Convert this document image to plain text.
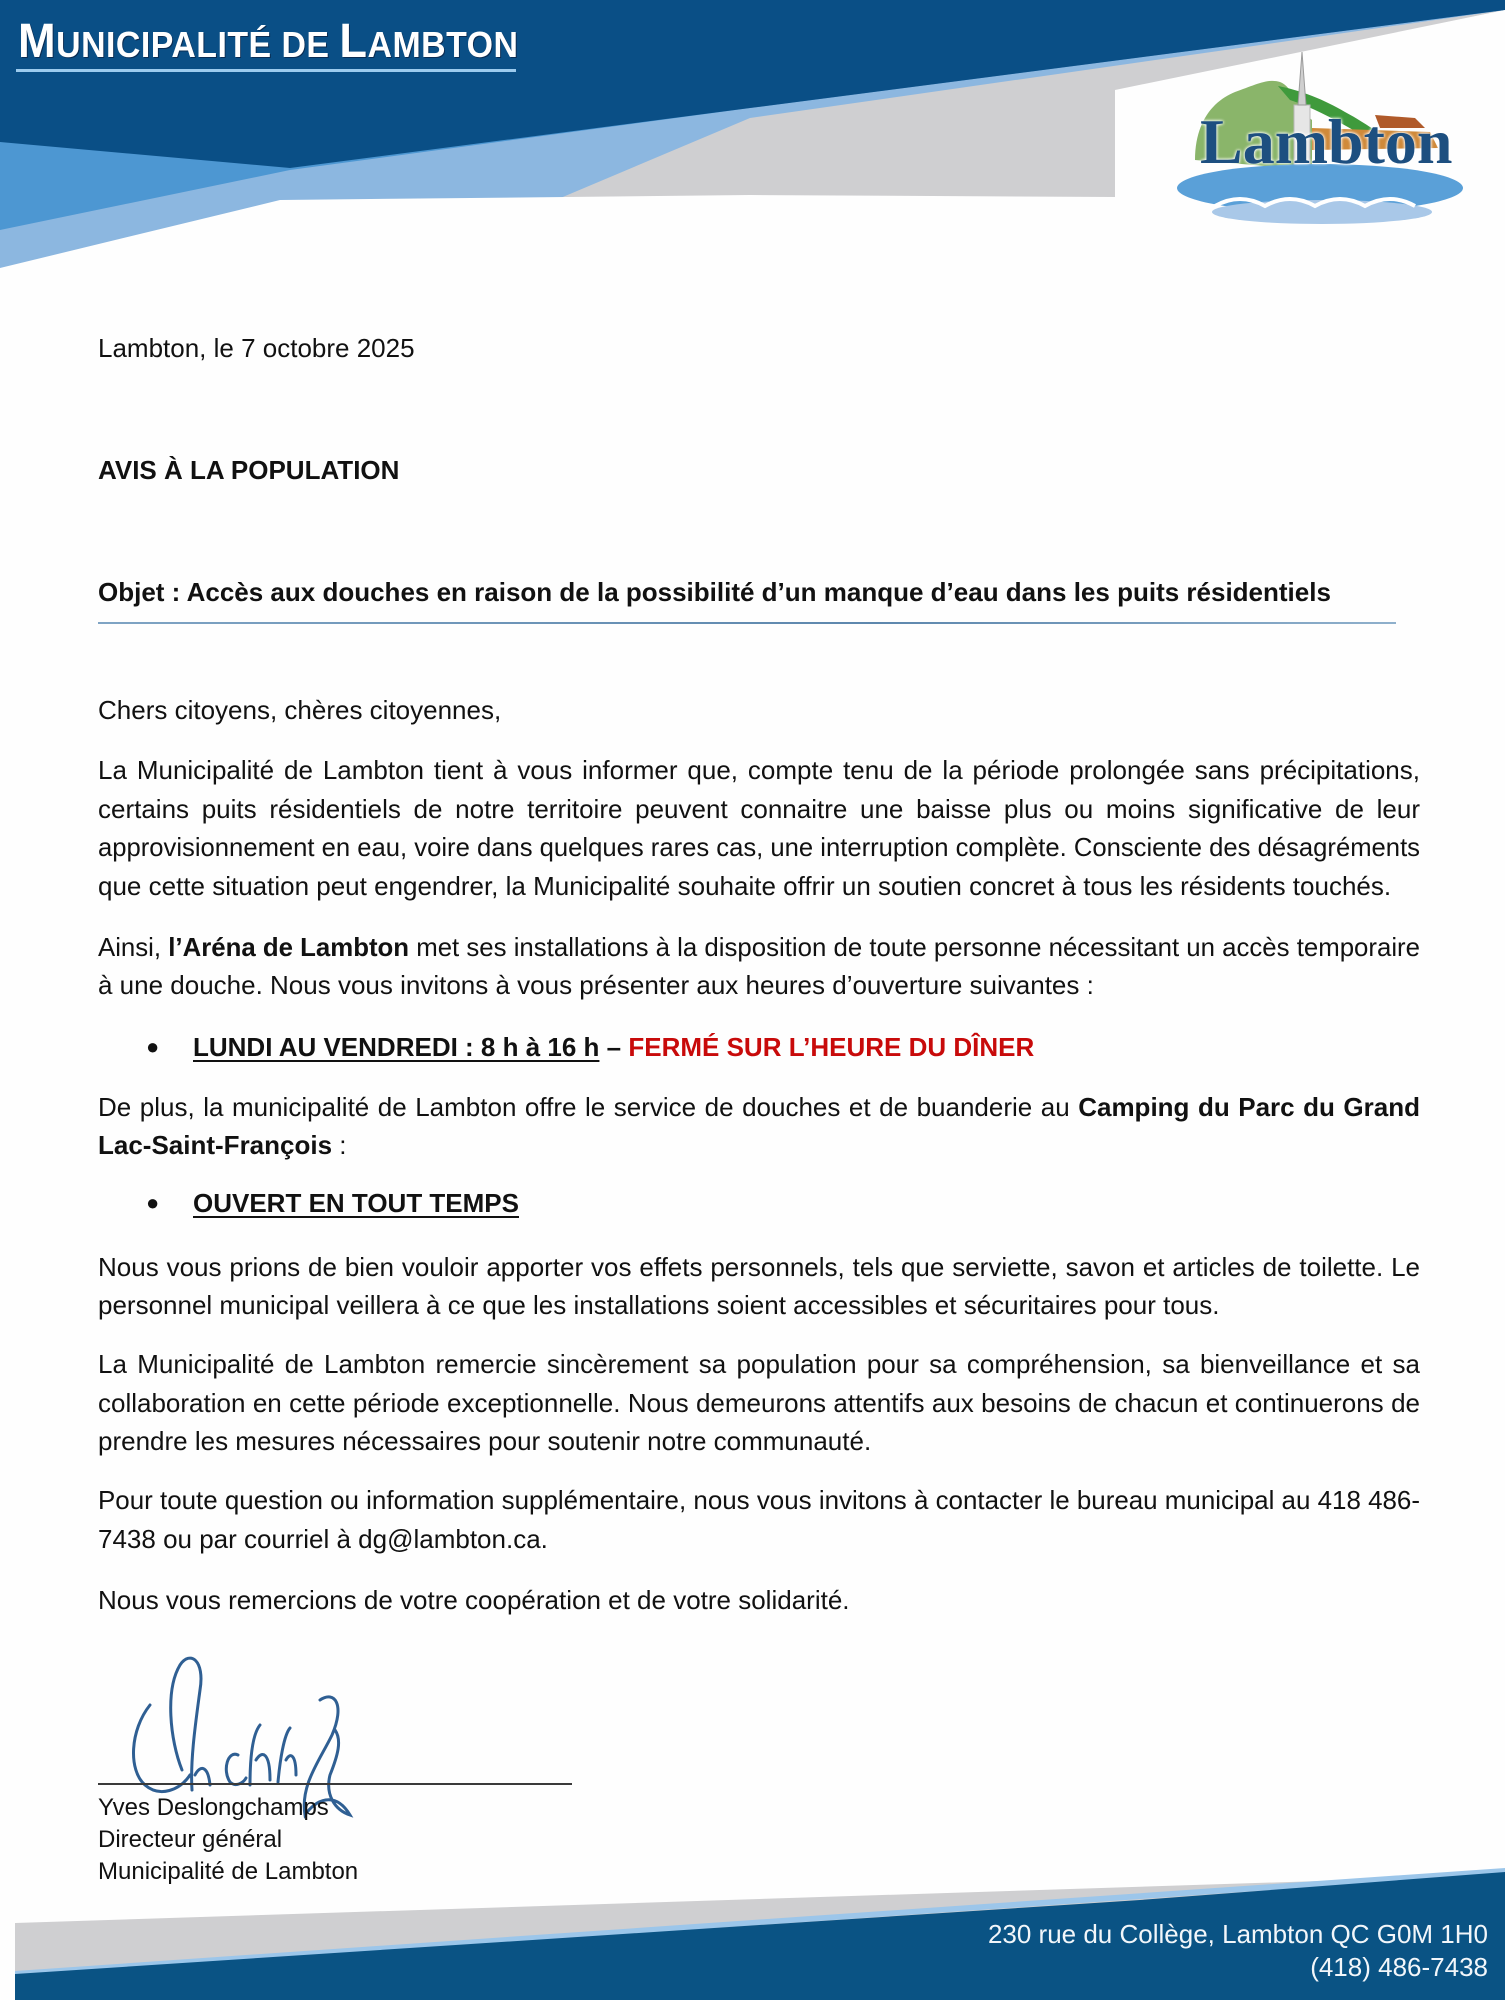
MUNICIPALITÉ DE LAMBTON
Lambton
Lambton, le 7 octobre 2025
AVIS À LA POPULATION
Objet : Accès aux douches en raison de la possibilité d’un manque d’eau dans les puits résidentiels
Chers citoyens, chères citoyennes,
La Municipalité de Lambton tient à vous informer que, compte tenu de la période prolongée sans précipitations,
certains puits résidentiels de notre territoire peuvent connaitre une baisse plus ou moins significative de leur
approvisionnement en eau, voire dans quelques rares cas, une interruption complète. Consciente des désagréments
que cette situation peut engendrer, la Municipalité souhaite offrir un soutien concret à tous les résidents touchés.
Ainsi, l’Aréna de Lambton met ses installations à la disposition de toute personne nécessitant un accès temporaire
à une douche. Nous vous invitons à vous présenter aux heures d’ouverture suivantes :
● LUNDI AU VENDREDI : 8 h à 16 h – FERMÉ SUR L’HEURE DU DÎNER
De plus, la municipalité de Lambton offre le service de douches et de buanderie au Camping du Parc du Grand
Lac-Saint-François :
● OUVERT EN TOUT TEMPS
Nous vous prions de bien vouloir apporter vos effets personnels, tels que serviette, savon et articles de toilette. Le
personnel municipal veillera à ce que les installations soient accessibles et sécuritaires pour tous.
La Municipalité de Lambton remercie sincèrement sa population pour sa compréhension, sa bienveillance et sa
collaboration en cette période exceptionnelle. Nous demeurons attentifs aux besoins de chacun et continuerons de
prendre les mesures nécessaires pour soutenir notre communauté.
Pour toute question ou information supplémentaire, nous vous invitons à contacter le bureau municipal au 418 486-
7438 ou par courriel à dg@lambton.ca.
Nous vous remercions de votre coopération et de votre solidarité.
Yves Deslongchamps
Directeur général
Municipalité de Lambton
230 rue du Collège, Lambton QC G0M 1H0
(418) 486-7438
